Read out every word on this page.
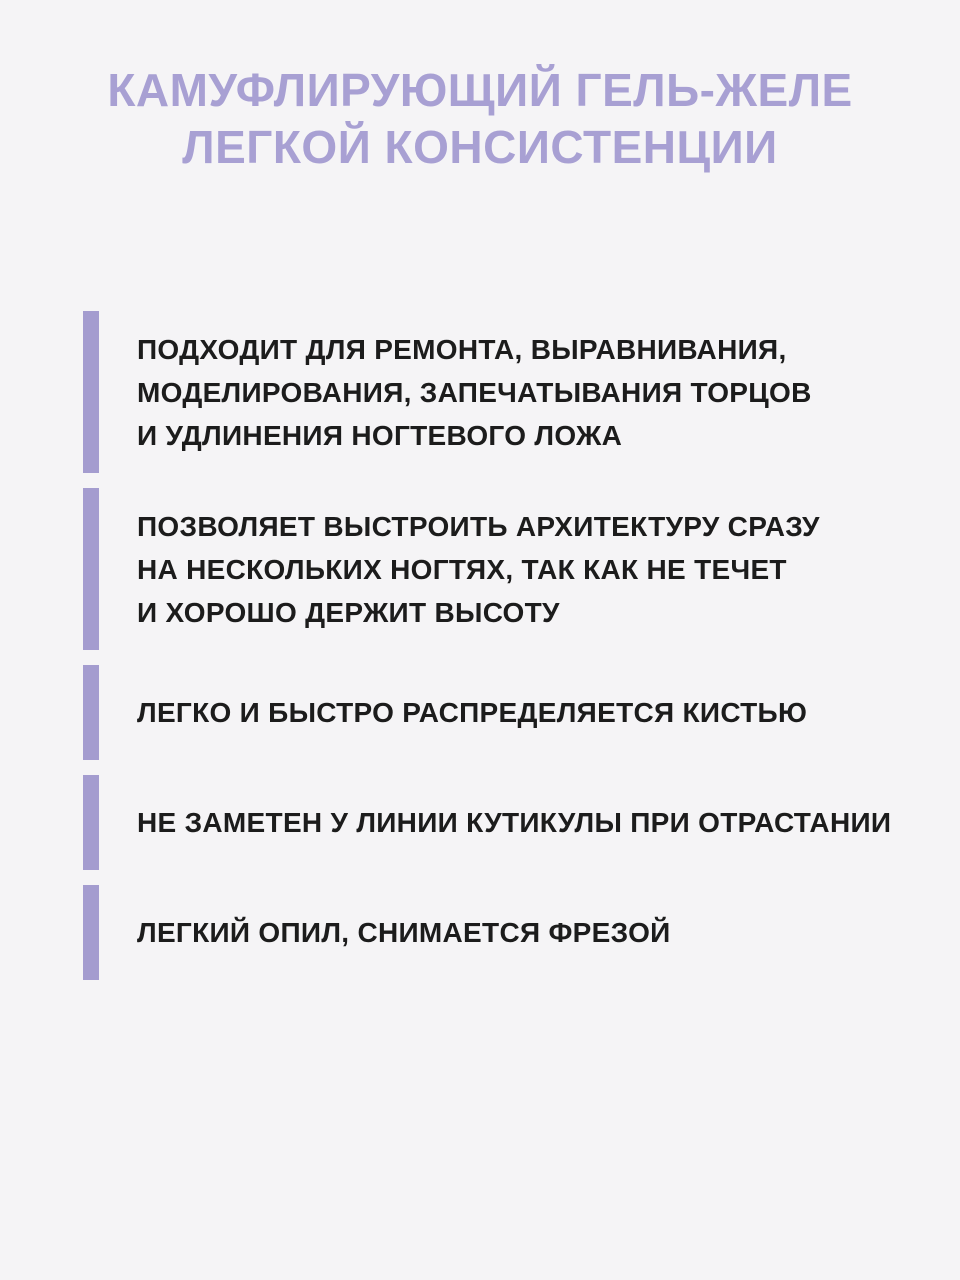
КАМУФЛИРУЮЩИЙ ГЕЛЬ-ЖЕЛЕ
ЛЕГКОЙ КОНСИСТЕНЦИИ
ПОДХОДИТ ДЛЯ РЕМОНТА, ВЫРАВНИВАНИЯ,
МОДЕЛИРОВАНИЯ, ЗАПЕЧАТЫВАНИЯ ТОРЦОВ
И УДЛИНЕНИЯ НОГТЕВОГО ЛОЖА
ПОЗВОЛЯЕТ ВЫСТРОИТЬ АРХИТЕКТУРУ СРАЗУ
НА НЕСКОЛЬКИХ НОГТЯХ, ТАК КАК НЕ ТЕЧЕТ
И ХОРОШО ДЕРЖИТ ВЫСОТУ
ЛЕГКО И БЫСТРО РАСПРЕДЕЛЯЕТСЯ КИСТЬЮ
НЕ ЗАМЕТЕН У ЛИНИИ КУТИКУЛЫ ПРИ ОТРАСТАНИИ
ЛЕГКИЙ ОПИЛ, СНИМАЕТСЯ ФРЕЗОЙ
